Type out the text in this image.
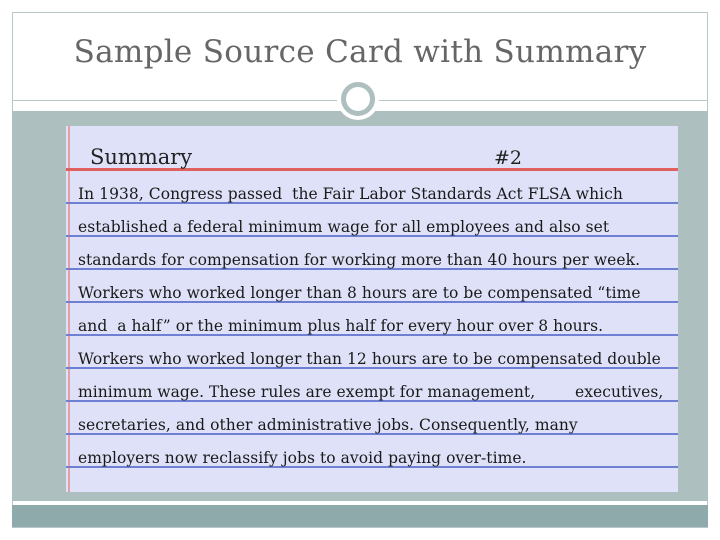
Sample Source Card with Summary
Summary	#2
In 1938, Congress passed  the Fair Labor Standards Act FLSA which
established a federal minimum wage for all employees and also set
standards for compensation for working more than 40 hours per week.
Workers who worked longer than 8 hours are to be compensated “time
and  a half” or the minimum plus half for every hour over 8 hours.
Workers who worked longer than 12 hours are to be compensated double
minimum wage. These rules are exempt for management,        executives,
secretaries, and other administrative jobs. Consequently, many
employers now reclassify jobs to avoid paying over-time.
